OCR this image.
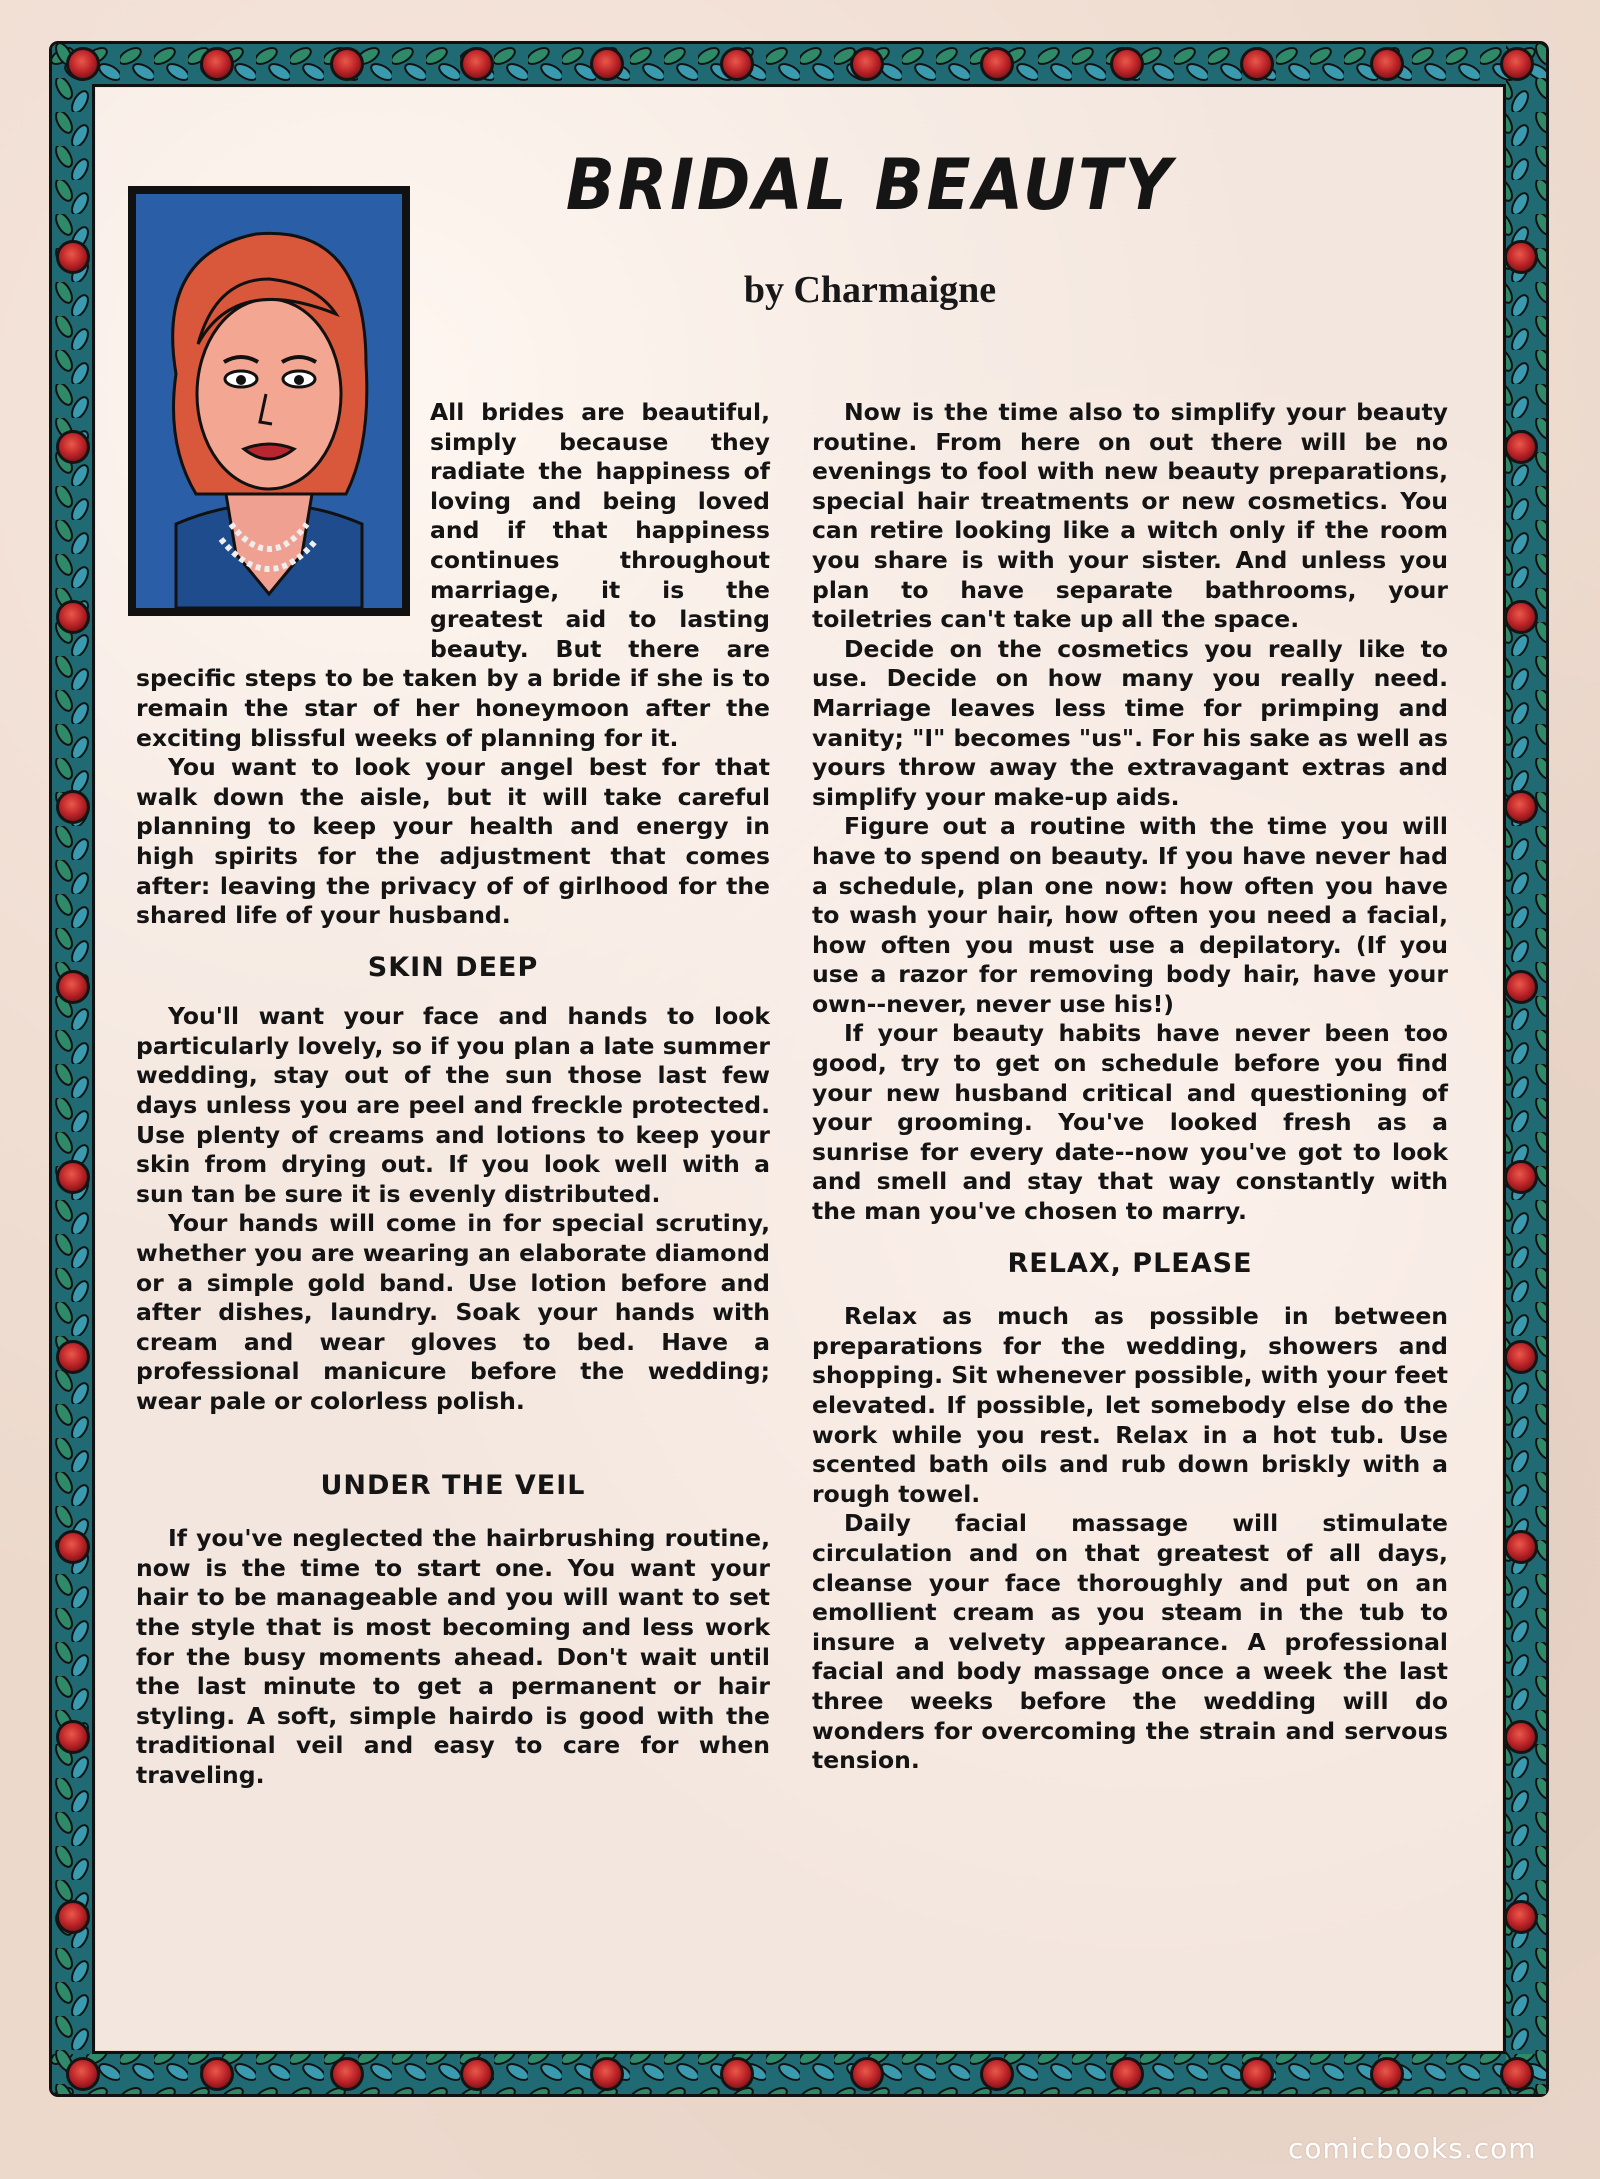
BRIDAL BEAUTY
by Charmaigne

All brides are beautiful, simply because they radiate the happiness of loving and being loved and if that happiness continues throughout marriage, it is the greatest aid to lasting beauty. But there are specific steps to be taken by a bride if she is to remain the star of her honeymoon after the exciting blissful weeks of planning for it.

You want to look your angel best for that walk down the aisle, but it will take careful planning to keep your health and energy in high spirits for the adjustment that comes after: leaving the privacy of of girlhood for the shared life of your husband.

SKIN DEEP

You'll want your face and hands to look particularly lovely, so if you plan a late summer wedding, stay out of the sun those last few days unless you are peel and freckle protected. Use plenty of creams and lotions to keep your skin from drying out. If you look well with a sun tan be sure it is evenly distributed.

Your hands will come in for special scrutiny, whether you are wearing an elaborate diamond or a simple gold band. Use lotion before and after dishes, laundry. Soak your hands with cream and wear gloves to bed. Have a professional manicure before the wedding; wear pale or colorless polish.

UNDER THE VEIL

If you've neglected the hairbrushing routine, now is the time to start one. You want your hair to be manageable and you will want to set the style that is most becoming and less work for the busy moments ahead. Don't wait until the last minute to get a permanent or hair styling. A soft, simple hairdo is good with the traditional veil and easy to care for when traveling.

Now is the time also to simplify your beauty routine. From here on out there will be no evenings to fool with new beauty preparations, special hair treatments or new cosmetics. You can retire looking like a witch only if the room you share is with your sister. And unless you plan to have separate bathrooms, your toiletries can't take up all the space.

Decide on the cosmetics you really like to use. Decide on how many you really need. Marriage leaves less time for primping and vanity; "I" becomes "us". For his sake as well as yours throw away the extravagant extras and simplify your make-up aids.

Figure out a routine with the time you will have to spend on beauty. If you have never had a schedule, plan one now: how often you have to wash your hair, how often you need a facial, how often you must use a depilatory. (If you use a razor for removing body hair, have your own--never, never use his!)

If your beauty habits have never been too good, try to get on schedule before you find your new husband critical and questioning of your grooming. You've looked fresh as a sunrise for every date--now you've got to look and smell and stay that way constantly with the man you've chosen to marry.

RELAX, PLEASE

Relax as much as possible in between preparations for the wedding, showers and shopping. Sit whenever possible, with your feet elevated. If possible, let somebody else do the work while you rest. Relax in a hot tub. Use scented bath oils and rub down briskly with a rough towel.

Daily facial massage will stimulate circulation and on that greatest of all days, cleanse your face thoroughly and put on an emollient cream as you steam in the tub to insure a velvety appearance. A professional facial and body massage once a week the last three weeks before the wedding will do wonders for overcoming the strain and servous tension.

comicbooks.com
